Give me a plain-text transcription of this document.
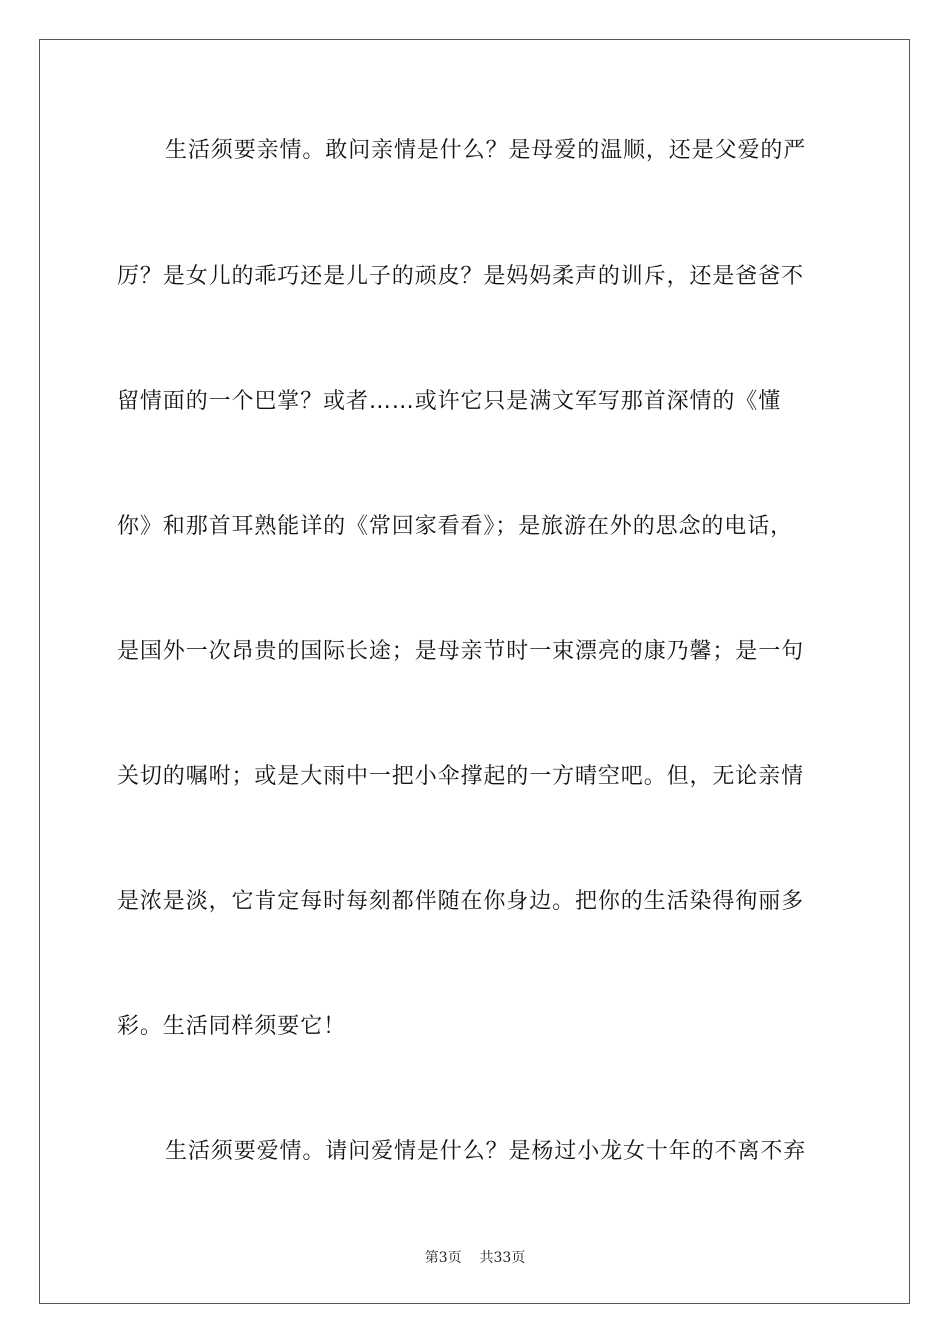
生活须要亲情。敢问亲情是什么？是母爱的温顺，还是父爱的严
厉？是女儿的乖巧还是儿子的顽皮？是妈妈柔声的训斥，还是爸爸不
留情面的一个巴掌？或者……或许它只是满文军写那首深情的《懂
你》和那首耳熟能详的《常回家看看》；是旅游在外的思念的电话，
是国外一次昂贵的国际长途；是母亲节时一束漂亮的康乃馨；是一句
关切的嘱咐；或是大雨中一把小伞撑起的一方晴空吧。但，无论亲情
是浓是淡，它肯定每时每刻都伴随在你身边。把你的生活染得徇丽多
彩。生活同样须要它！
生活须要爱情。请问爱情是什么？是杨过小龙女十年的不离不弃
第3页 共33页
